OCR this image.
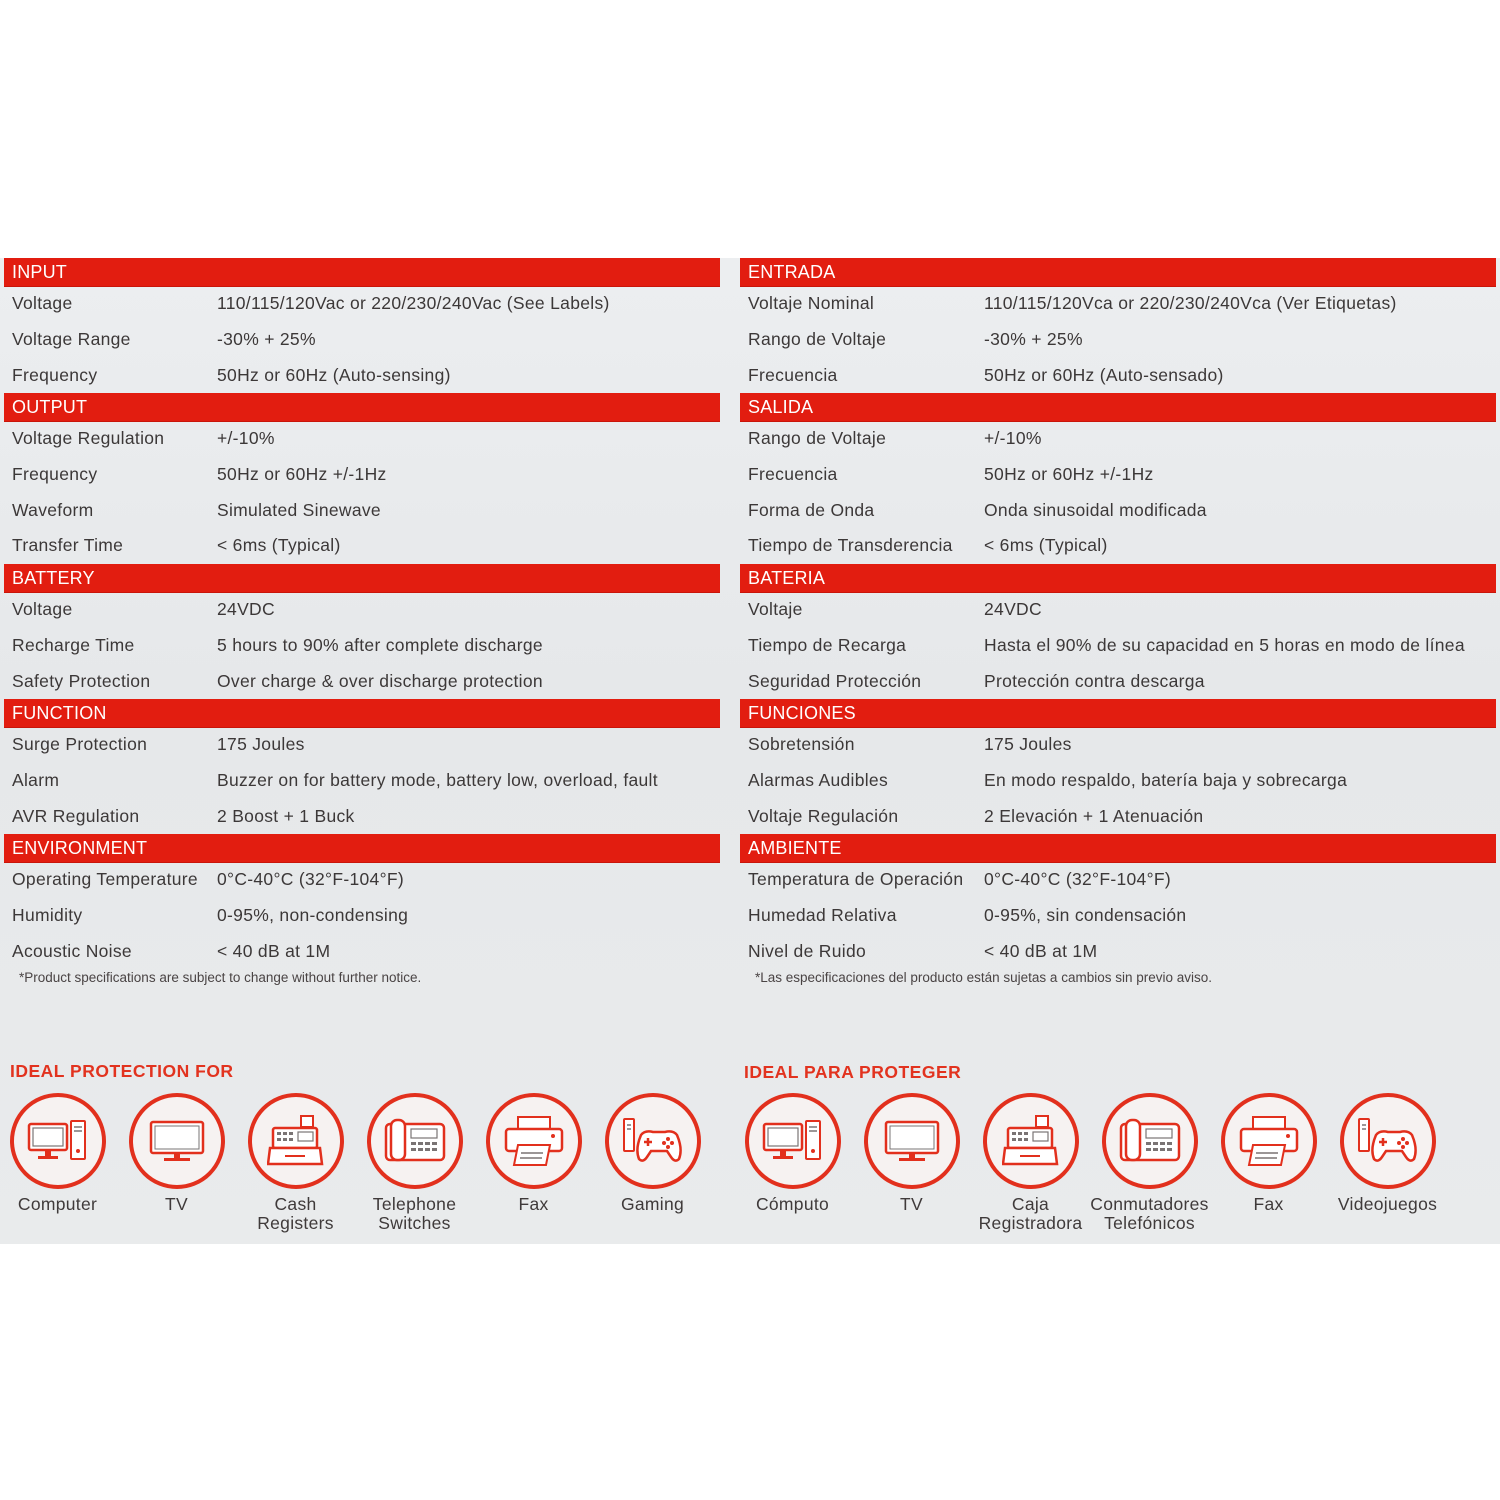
INPUT
Voltage	110/115/120Vac or 220/230/240Vac (See Labels)
Voltage Range	-30% + 25%
Frequency	50Hz or 60Hz (Auto-sensing)
OUTPUT
Voltage Regulation	+/-10%
Frequency	50Hz or 60Hz +/-1Hz
Waveform	Simulated Sinewave
Transfer Time	< 6ms (Typical)
BATTERY
Voltage	24VDC
Recharge Time	5 hours to 90% after complete discharge
Safety Protection	Over charge & over discharge protection
FUNCTION
Surge Protection	175 Joules
Alarm	Buzzer on for battery mode, battery low, overload, fault
AVR Regulation	2 Boost + 1 Buck
ENVIRONMENT
Operating Temperature	0°C-40°C (32°F-104°F)
Humidity	0-95%, non-condensing
Acoustic Noise	< 40 dB at 1M
*Product specifications are subject to change without further notice.
ENTRADA
Voltaje Nominal	110/115/120Vca or 220/230/240Vca (Ver Etiquetas)
Rango de Voltaje	-30% + 25%
Frecuencia	50Hz or 60Hz (Auto-sensado)
SALIDA
Rango de Voltaje	+/-10%
Frecuencia	50Hz or 60Hz +/-1Hz
Forma de Onda	Onda sinusoidal modificada
Tiempo de Transderencia	< 6ms (Typical)
BATERIA
Voltaje	24VDC
Tiempo de Recarga	Hasta el 90% de su capacidad en 5 horas en modo de línea
Seguridad Protección	Protección contra descarga
FUNCIONES
Sobretensión	175 Joules
Alarmas Audibles	En modo respaldo, batería baja y sobrecarga
Voltaje Regulación	2 Elevación + 1 Atenuación
AMBIENTE
Temperatura de Operación	0°C-40°C (32°F-104°F)
Humedad Relativa	0-95%, sin condensación
Nivel de Ruido	< 40 dB at 1M
*Las especificaciones del producto están sujetas a cambios sin previo aviso.
IDEAL PROTECTION FOR	IDEAL PARA PROTEGER
Computer	TV	Cash
Registers
Telephone
Switches
Fax	Gaming	Cómputo	TV	Caja
Registradora
Conmutadores
Telefónicos
Fax	Videojuegos
